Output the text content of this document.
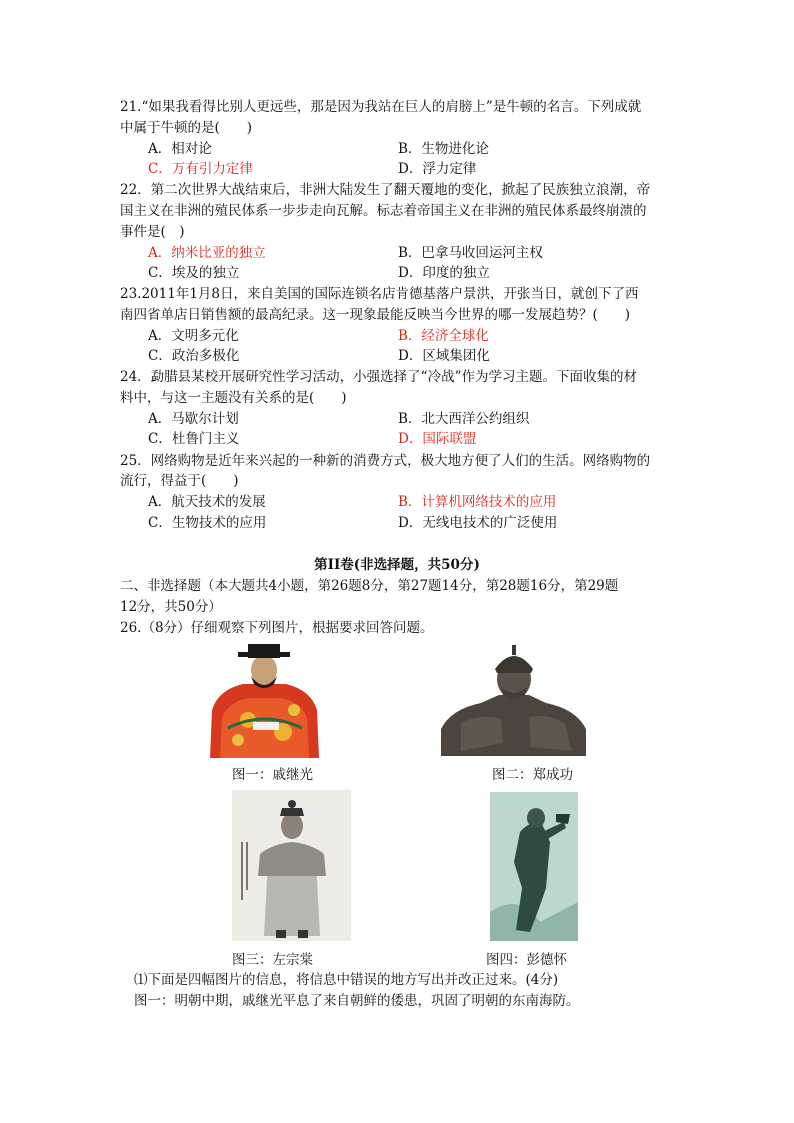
21.“如果我看得比别人更远些，那是因为我站在巨人的肩膀上”是牛顿的名言。下列成就
中属于牛顿的是(　　)
A．相对论	B．生物进化论
C．万有引力定律	D．浮力定律
22．第二次世界大战结束后，非洲大陆发生了翻天覆地的变化，掀起了民族独立浪潮，帝
国主义在非洲的殖民体系一步步走向瓦解。标志着帝国主义在非洲的殖民体系最终崩溃的
事件是(　)
A．纳米比亚的独立	B．巴拿马收回运河主权
C．埃及的独立	D．印度的独立
23.2011年1月8日，来自美国的国际连锁名店肯德基落户景洪，开张当日，就创下了西
南四省单店日销售额的最高纪录。这一现象最能反映当今世界的哪一发展趋势？(　　)
A．文明多元化	B．经济全球化
C．政治多极化	D．区域集团化
24．勐腊县某校开展研究性学习活动，小强选择了“冷战”作为学习主题。下面收集的材
料中，与这一主题没有关系的是(　　)
A．马歇尔计划	B．北大西洋公约组织
C．杜鲁门主义	D．国际联盟
25．网络购物是近年来兴起的一种新的消费方式，极大地方便了人们的生活。网络购物的
流行，得益于(　　)
A．航天技术的发展	B．计算机网络技术的应用
C．生物技术的应用	D．无线电技术的广泛使用
第II卷(非选择题，共50分)
二、非选择题（本大题共4小题，第26题8分，第27题14分，第28题16分，第29题
12分，共50分）
26.（8分）仔细观察下列图片，根据要求回答问题。
图一：戚继光	图二：郑成功
图三：左宗棠	图四：彭德怀
⑴下面是四幅图片的信息，将信息中错误的地方写出并改正过来。(4分)
图一：明朝中期，戚继光平息了来自朝鲜的倭患，巩固了明朝的东南海防。
